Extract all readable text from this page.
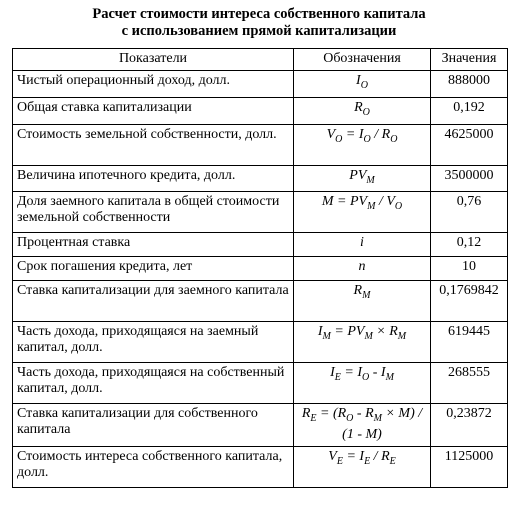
Расчет стоимости интереса собственного капитала
с использованием прямой капитализации
Показатели	Обозначения	Значения
Чистый операционный доход, долл.	$I_O$	888000
Общая ставка капитализации	$R_O$	0,192
Стоимость земельной собственности, долл.	$V_O = I_O / R_O$	4625000
Величина ипотечного кредита, долл.	$PV_M$	3500000
Доля заемного капитала в общей стоимости земельной собственности	$M = PV_M / V_O$	0,76
Процентная ставка	i	0,12
Срок погашения кредита, лет	n	10
Ставка капитализации для заемного капитала	$R_M$	0,1769842
Часть дохода, приходящаяся на заемный капитал, долл.	$I_M = PV_M \times R_M$	619445
Часть дохода, приходящаяся на собственный капитал, долл.	$I_E = I_O - I_M$	268555
Ставка капитализации для собственного капитала	$R_E = (R_O - R_M \times M) / (1 - M)$	0,23872
Стоимость интереса собственного капитала, долл.	$V_E = I_E / R_E$	1125000
